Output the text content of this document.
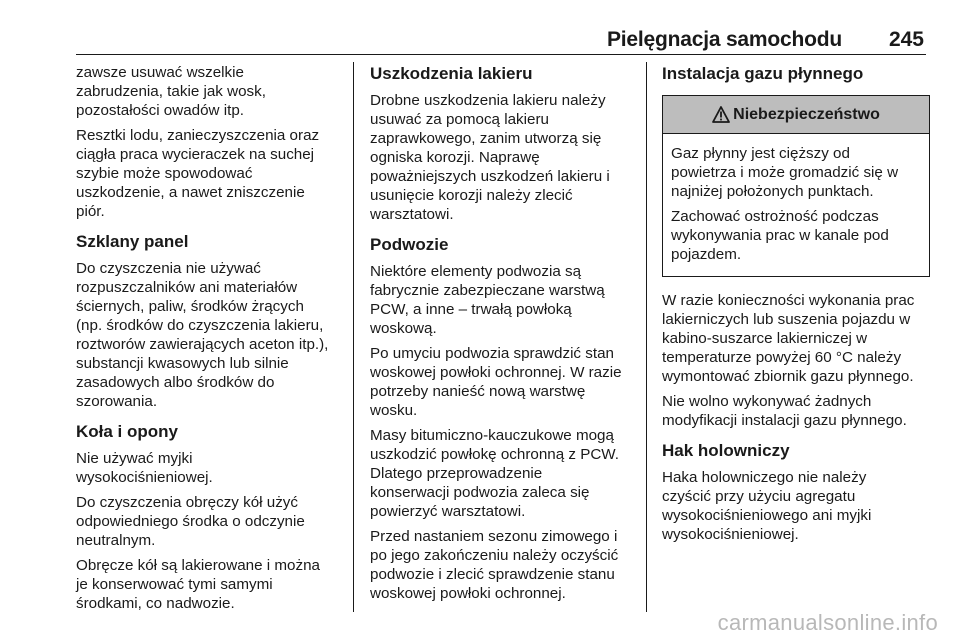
Pielęgnacja samochodu 245

zawsze usuwać wszelkie
zabrudzenia, takie jak wosk,
pozostałości owadów itp.

Resztki lodu, zanieczyszczenia oraz
ciągła praca wycieraczek na suchej
szybie może spowodować
uszkodzenie, a nawet zniszczenie
piór.

Szklany panel

Do czyszczenia nie używać
rozpuszczalników ani materiałów
ściernych, paliw, środków żrących
(np. środków do czyszczenia lakieru,
roztworów zawierających aceton itp.),
substancji kwasowych lub silnie
zasadowych albo środków do
szorowania.

Koła i opony

Nie używać myjki
wysokociśnieniowej.

Do czyszczenia obręczy kół użyć
odpowiedniego środka o odczynie
neutralnym.

Obręcze kół są lakierowane i można
je konserwować tymi samymi
środkami, co nadwozie.

Uszkodzenia lakieru

Drobne uszkodzenia lakieru należy
usuwać za pomocą lakieru
zaprawkowego, zanim utworzą się
ogniska korozji. Naprawę
poważniejszych uszkodzeń lakieru i
usunięcie korozji należy zlecić
warsztatowi.

Podwozie

Niektóre elementy podwozia są
fabrycznie zabezpieczane warstwą
PCW, a inne – trwałą powłoką
woskową.

Po umyciu podwozia sprawdzić stan
woskowej powłoki ochronnej. W razie
potrzeby nanieść nową warstwę
wosku.

Masy bitumiczno-kauczukowe mogą
uszkodzić powłokę ochronną z PCW.
Dlatego przeprowadzenie
konserwacji podwozia zaleca się
powierzyć warsztatowi.

Przed nastaniem sezonu zimowego i
po jego zakończeniu należy oczyścić
podwozie i zlecić sprawdzenie stanu
woskowej powłoki ochronnej.

Instalacja gazu płynnego
Niebezpieczeństwo

Gaz płynny jest cięższy od
powietrza i może gromadzić się w
najniżej położonych punktach.

Zachować ostrożność podczas
wykonywania prac w kanale pod
pojazdem.

W razie konieczności wykonania prac
lakierniczych lub suszenia pojazdu w
kabino-suszarce lakierniczej w
temperaturze powyżej 60 °C należy
wymontować zbiornik gazu płynnego.

Nie wolno wykonywać żadnych
modyfikacji instalacji gazu płynnego.

Hak holowniczy

Haka holowniczego nie należy
czyścić przy użyciu agregatu
wysokociśnieniowego ani myjki
wysokociśnieniowej.

carmanualsonline.info
